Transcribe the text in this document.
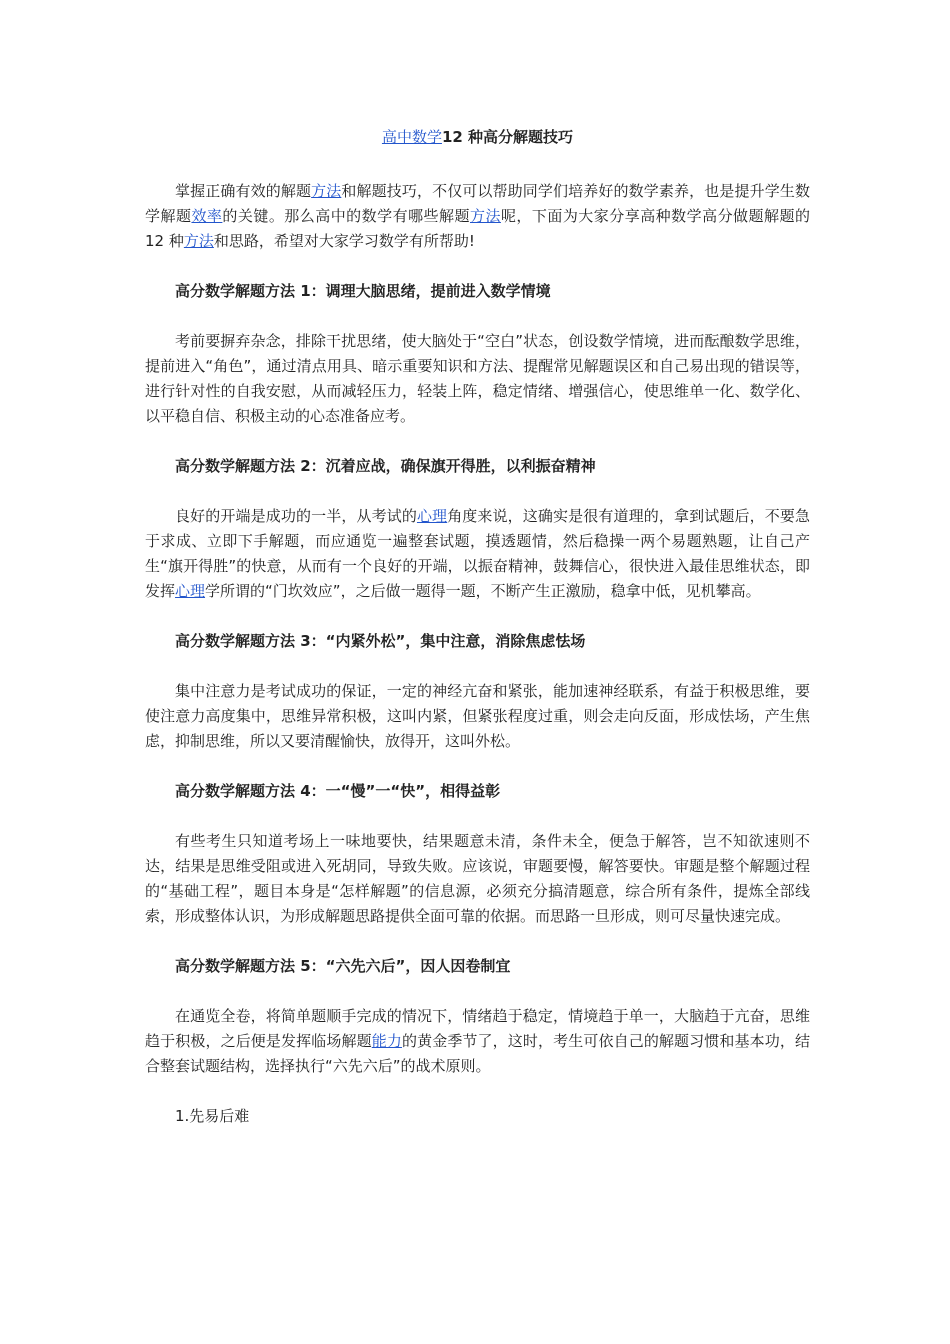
高中数学12 种高分解题技巧

掌握正确有效的解题方法和解题技巧，不仅可以帮助同学们培养好的数学素养，也是提升学生数学解题效率的关键。那么高中的数学有哪些解题方法呢，下面为大家分享高种数学高分做题解题的 12 种方法和思路，希望对大家学习数学有所帮助!

高分数学解题方法 1：调理大脑思绪，提前进入数学情境

考前要摒弃杂念，排除干扰思绪，使大脑处于“空白”状态，创设数学情境，进而酝酿数学思维，提前进入“角色”，通过清点用具、暗示重要知识和方法、提醒常见解题误区和自己易出现的错误等，进行针对性的自我安慰，从而减轻压力，轻装上阵，稳定情绪、增强信心，使思维单一化、数学化、以平稳自信、积极主动的心态准备应考。

高分数学解题方法 2：沉着应战，确保旗开得胜，以利振奋精神

良好的开端是成功的一半，从考试的心理角度来说，这确实是很有道理的，拿到试题后，不要急于求成、立即下手解题，而应通览一遍整套试题，摸透题情，然后稳操一两个易题熟题，让自己产生“旗开得胜”的快意，从而有一个良好的开端，以振奋精神，鼓舞信心，很快进入最佳思维状态，即发挥心理学所谓的“门坎效应”，之后做一题得一题，不断产生正激励，稳拿中低，见机攀高。

高分数学解题方法 3：“内紧外松”，集中注意，消除焦虑怯场

集中注意力是考试成功的保证，一定的神经亢奋和紧张，能加速神经联系，有益于积极思维，要使注意力高度集中，思维异常积极，这叫内紧，但紧张程度过重，则会走向反面，形成怯场，产生焦虑，抑制思维，所以又要清醒愉快，放得开，这叫外松。

高分数学解题方法 4：一“慢”一“快”，相得益彰

有些考生只知道考场上一味地要快，结果题意未清，条件未全，便急于解答，岂不知欲速则不达，结果是思维受阻或进入死胡同，导致失败。应该说，审题要慢，解答要快。审题是整个解题过程的“基础工程”，题目本身是“怎样解题”的信息源，必须充分搞清题意，综合所有条件，提炼全部线索，形成整体认识，为形成解题思路提供全面可靠的依据。而思路一旦形成，则可尽量快速完成。

高分数学解题方法 5：“六先六后”，因人因卷制宜

在通览全卷，将简单题顺手完成的情况下，情绪趋于稳定，情境趋于单一，大脑趋于亢奋，思维趋于积极，之后便是发挥临场解题能力的黄金季节了，这时，考生可依自己的解题习惯和基本功，结合整套试题结构，选择执行“六先六后”的战术原则。

1.先易后难
